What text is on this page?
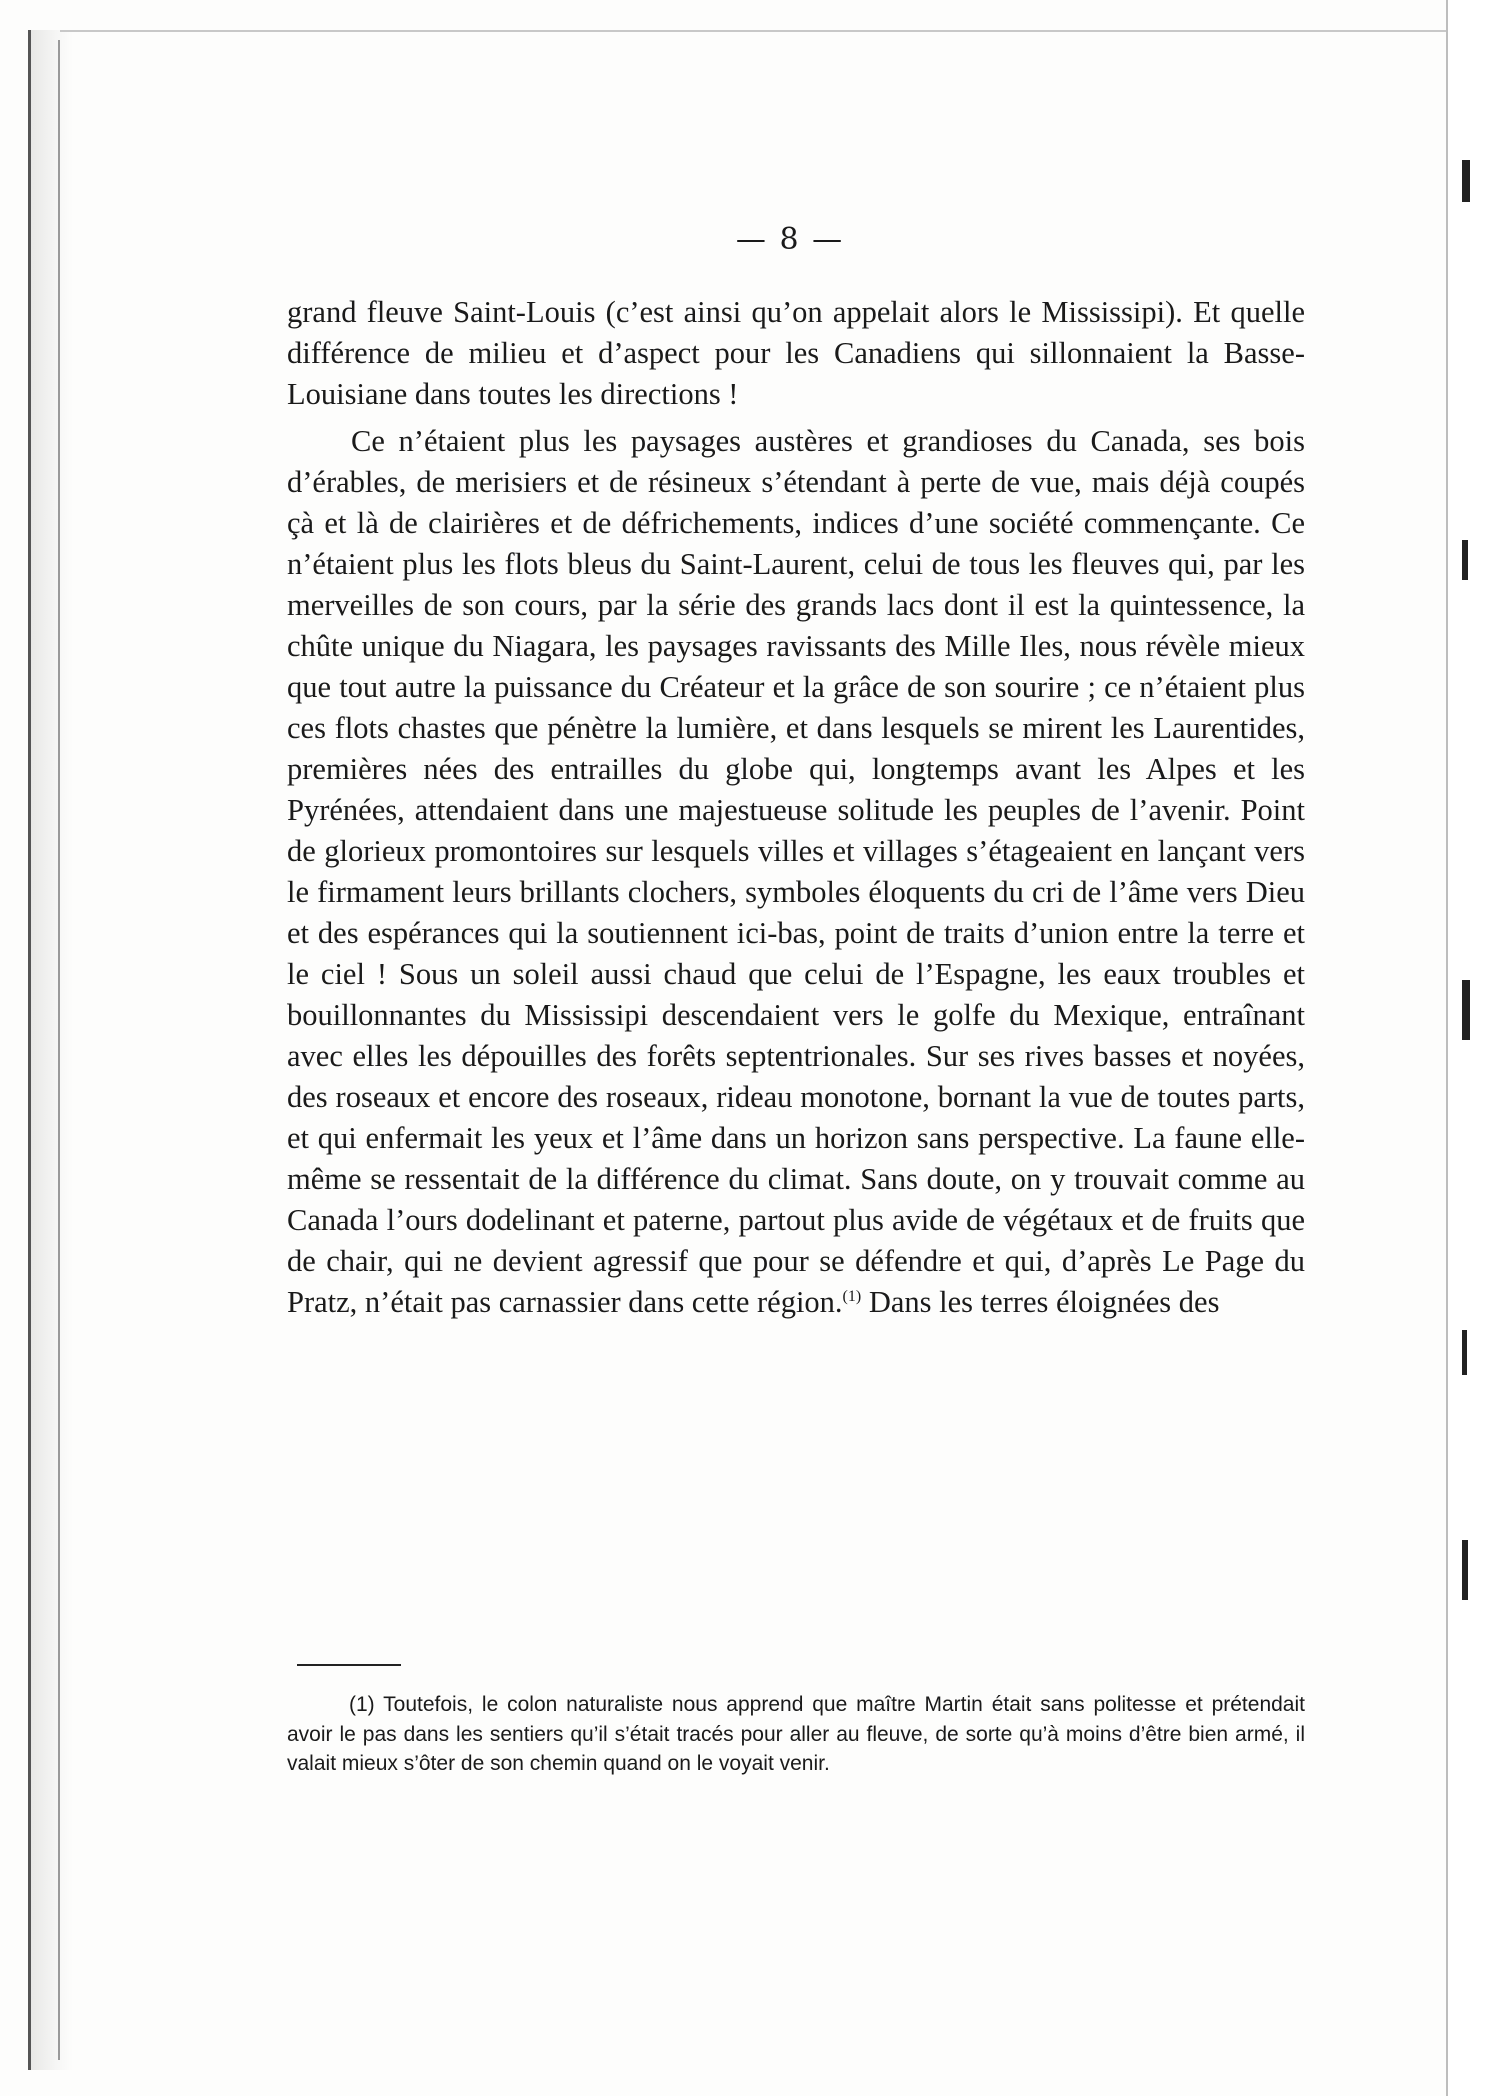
— 8 —

grand fleuve Saint-Louis (c’est ainsi qu’on appelait alors le Mississipi). Et quelle différence de milieu et d’aspect pour les Canadiens qui sillonnaient la Basse-Louisiane dans toutes les directions !

Ce n’étaient plus les paysages austères et grandioses du Canada, ses bois d’érables, de merisiers et de résineux s’étendant à perte de vue, mais déjà coupés çà et là de clairières et de défrichements, indices d’une société commençante. Ce n’étaient plus les flots bleus du Saint-Laurent, celui de tous les fleuves qui, par les merveilles de son cours, par la série des grands lacs dont il est la quintessence, la chûte unique du Niagara, les paysages ravissants des Mille Iles, nous révèle mieux que tout autre la puissance du Créateur et la grâce de son sourire ; ce n’étaient plus ces flots chastes que pénètre la lumière, et dans lesquels se mirent les Laurentides, premières nées des entrailles du globe qui, longtemps avant les Alpes et les Pyrénées, attendaient dans une majestueuse solitude les peuples de l’avenir. Point de glorieux promontoires sur lesquels villes et villages s’étageaient en lançant vers le firmament leurs brillants clochers, symboles éloquents du cri de l’âme vers Dieu et des espérances qui la soutiennent ici-bas, point de traits d’union entre la terre et le ciel ! Sous un soleil aussi chaud que celui de l’Espagne, les eaux troubles et bouillonnantes du Mississipi descendaient vers le golfe du Mexique, entraînant avec elles les dépouilles des forêts septentrionales. Sur ses rives basses et noyées, des roseaux et encore des roseaux, rideau monotone, bornant la vue de toutes parts, et qui enfermait les yeux et l’âme dans un horizon sans perspective. La faune elle-même se ressentait de la différence du climat. Sans doute, on y trouvait comme au Canada l’ours dodelinant et paterne, partout plus avide de végétaux et de fruits que de chair, qui ne devient agressif que pour se défendre et qui, d’après Le Page du Pratz, n’était pas carnassier dans cette région.$^{(1)}$ Dans les terres éloignées des

(1) Toutefois, le colon naturaliste nous apprend que maître Martin était sans politesse et prétendait avoir le pas dans les sentiers qu’il s’était tracés pour aller au fleuve, de sorte qu’à moins d’être bien armé, il valait mieux s’ôter de son chemin quand on le voyait venir.
